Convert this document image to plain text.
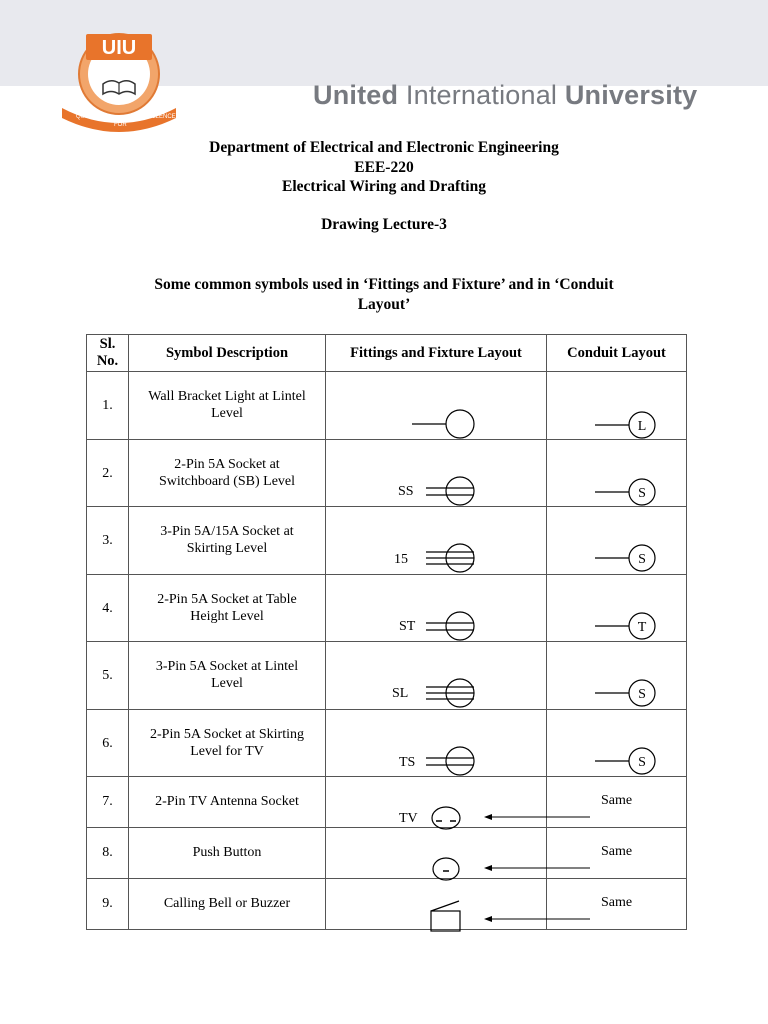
UIU
QUEST
FOR
EXCELLENCE
United International University
Department of Electrical and Electronic Engineering
EEE-220
Electrical Wiring and Drafting
Drawing Lecture-3
Some common symbols used in ‘Fittings and Fixture’ and in ‘Conduit
Layout’
Sl.
No.	Symbol Description	Fittings and Fixture Layout	Conduit Layout

1.	Wall Bracket Light at Lintel
Level		L

2.	2-Pin 5A Socket at
Switchboard (SB) Level	SS	S

3.	3-Pin 5A/15A Socket at
Skirting Level	15	S

4.	2-Pin 5A Socket at Table
Height Level	ST	T

5.	3-Pin 5A Socket at Lintel
Level	SL	S

6.	2-Pin 5A Socket at Skirting
Level for TV	TS	S

7.	2-Pin TV Antenna Socket	TV	Same

8.	Push Button		Same

9.	Calling Bell or Buzzer		Same
